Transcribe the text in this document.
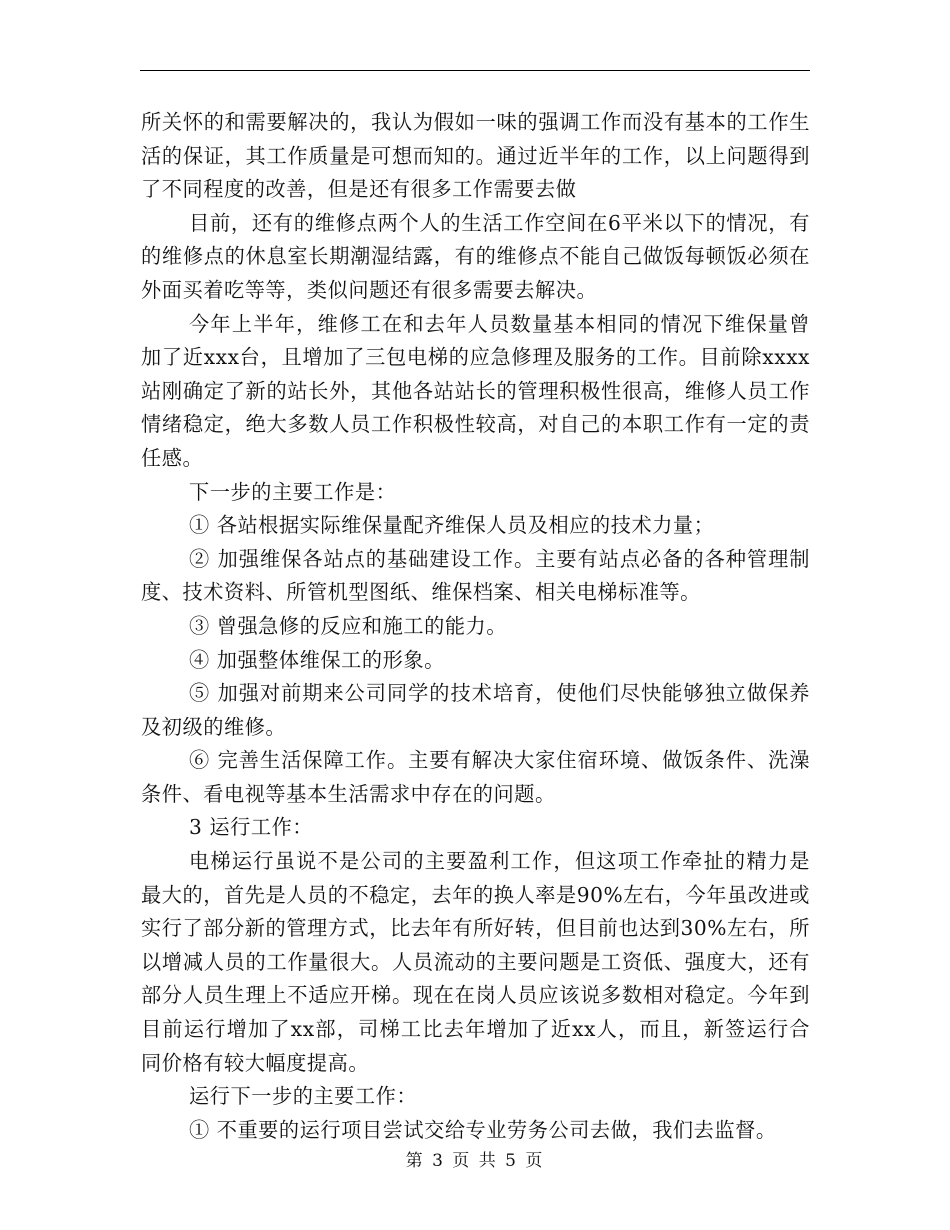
所关怀的和需要解决的，我认为假如一味的强调工作而没有基本的工作生活的保证，其工作质量是可想而知的。通过近半年的工作，以上问题得到了不同程度的改善，但是还有很多工作需要去做

目前，还有的维修点两个人的生活工作空间在6平米以下的情况，有的维修点的休息室长期潮湿结露，有的维修点不能自己做饭每顿饭必须在外面买着吃等等，类似问题还有很多需要去解决。

今年上半年，维修工在和去年人员数量基本相同的情况下维保量曾加了近xxx台，且增加了三包电梯的应急修理及服务的工作。目前除xxxx站刚确定了新的站长外，其他各站站长的管理积极性很高，维修人员工作情绪稳定，绝大多数人员工作积极性较高，对自己的本职工作有一定的责任感。

下一步的主要工作是：

① 各站根据实际维保量配齐维保人员及相应的技术力量；

② 加强维保各站点的基础建设工作。主要有站点必备的各种管理制度、技术资料、所管机型图纸、维保档案、相关电梯标准等。

③ 曾强急修的反应和施工的能力。

④ 加强整体维保工的形象。

⑤ 加强对前期来公司同学的技术培育，使他们尽快能够独立做保养及初级的维修。

⑥ 完善生活保障工作。主要有解决大家住宿环境、做饭条件、洗澡条件、看电视等基本生活需求中存在的问题。

3 运行工作：

电梯运行虽说不是公司的主要盈利工作，但这项工作牵扯的精力是最大的，首先是人员的不稳定，去年的换人率是90%左右，今年虽改进或实行了部分新的管理方式，比去年有所好转，但目前也达到30%左右，所以增减人员的工作量很大。人员流动的主要问题是工资低、强度大，还有部分人员生理上不适应开梯。现在在岗人员应该说多数相对稳定。今年到目前运行增加了xx部，司梯工比去年增加了近xx人，而且，新签运行合同价格有较大幅度提高。

运行下一步的主要工作：

① 不重要的运行项目尝试交给专业劳务公司去做，我们去监督。

第 3 页 共 5 页
